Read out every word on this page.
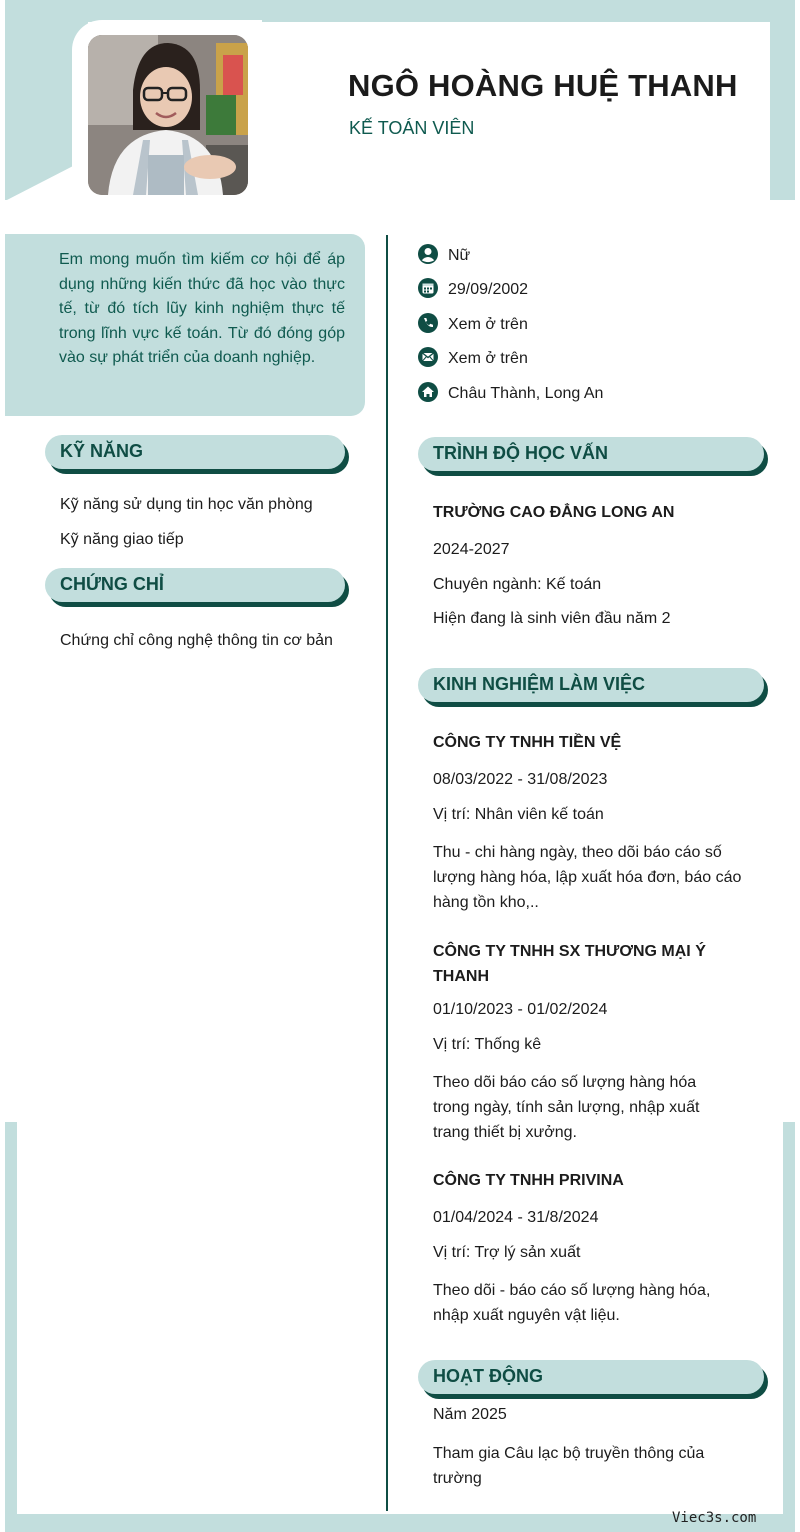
NGÔ HOÀNG HUỆ THANH
KẾ TOÁN VIÊN
Em mong muốn tìm kiếm cơ hội để áp dụng những kiến thức đã học vào thực tế, từ đó tích lũy kinh nghiệm thực tế trong lĩnh vực kế toán. Từ đó đóng góp vào sự phát triển của doanh nghiệp.
Nữ
29/09/2002
Xem ở trên
Xem ở trên
Châu Thành, Long An
KỸ NĂNG
Kỹ năng sử dụng tin học văn phòng
Kỹ năng giao tiếp
CHỨNG CHỈ
Chứng chỉ công nghệ thông tin cơ bản
TRÌNH ĐỘ HỌC VẤN
TRƯỜNG CAO ĐẲNG LONG AN
2024-2027
Chuyên ngành: Kế toán
Hiện đang là sinh viên đầu năm 2
KINH NGHIỆM LÀM VIỆC
CÔNG TY TNHH TIỀN VỆ
08/03/2022 - 31/08/2023
Vị trí: Nhân viên kế toán
Thu - chi hàng ngày, theo dõi báo cáo số lượng hàng hóa, lập xuất hóa đơn, báo cáo hàng tồn kho,..
CÔNG TY TNHH SX THƯƠNG MẠI Ý THANH
01/10/2023 - 01/02/2024
Vị trí: Thống kê
Theo dõi báo cáo số lượng hàng hóa trong ngày, tính sản lượng, nhập xuất trang thiết bị xưởng.
CÔNG TY TNHH PRIVINA
01/04/2024 - 31/8/2024
Vị trí: Trợ lý sản xuất
Theo dõi - báo cáo số lượng hàng hóa, nhập xuất nguyên vật liệu.
HOẠT ĐỘNG
Năm 2025
Tham gia Câu lạc bộ truyền thông của trường
Viec3s.com
